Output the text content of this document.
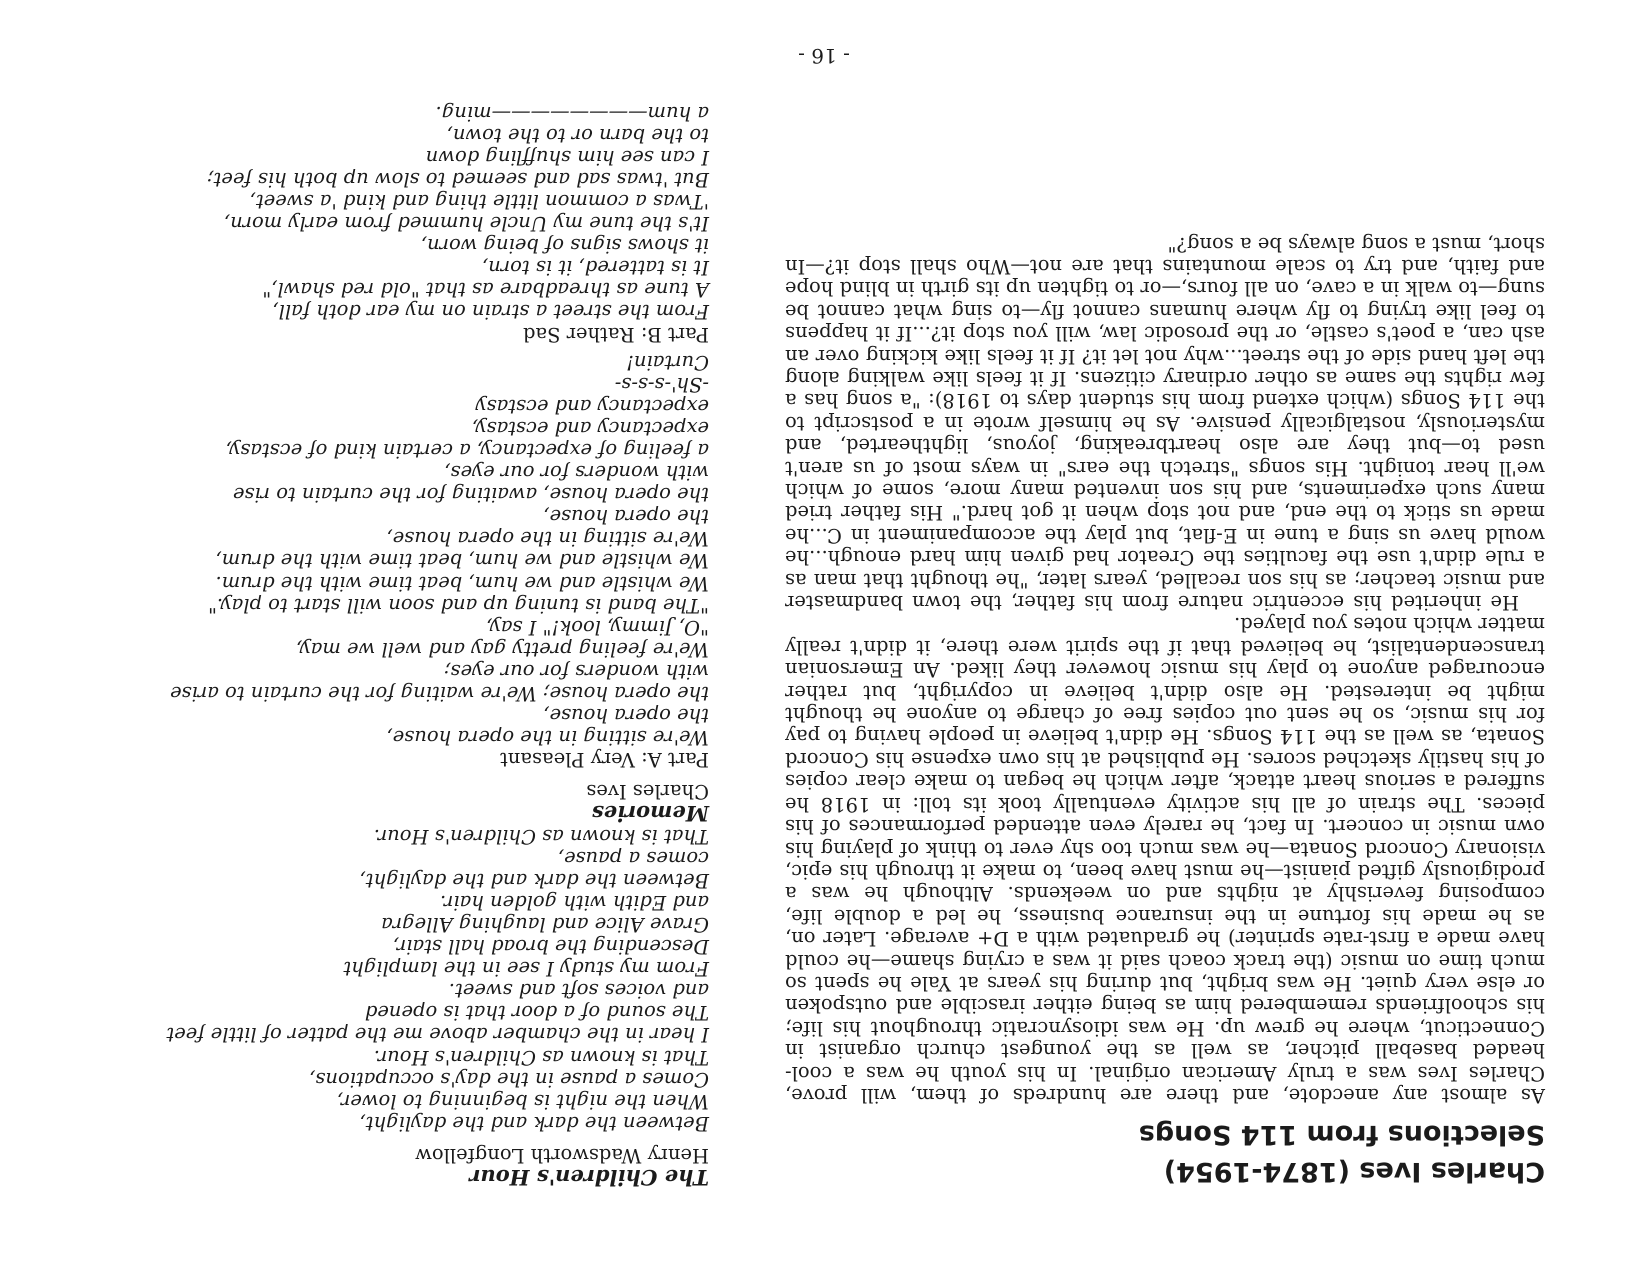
Charles Ives (1874-1954)
Selections from 114 Songs

As almost any anecdote, and there are hundreds of them, will prove, Charles Ives was a truly American original. In his youth he was a cool-headed baseball pitcher, as well as the youngest church organist in Connecticut, where he grew up. He was idiosyncratic throughout his life; his schoolfriends remembered him as being either irascible and outspoken or else very quiet. He was bright, but during his years at Yale he spent so much time on music (the track coach said it was a crying shame—he could have made a first-rate sprinter) he graduated with a D+ average. Later on, as he made his fortune in the insurance business, he led a double life, composing feverishly at nights and on weekends. Although he was a prodigiously gifted pianist—he must have been, to make it through his epic, visionary Concord Sonata—he was much too shy ever to think of playing his own music in concert. In fact, he rarely even attended performances of his pieces. The strain of all his activity eventually took its toll: in 1918 he suffered a serious heart attack, after which he began to make clear copies of his hastily sketched scores. He published at his own expense his Concord Sonata, as well as the 114 Songs. He didn't believe in people having to pay for his music, so he sent out copies free of charge to anyone he thought might be interested. He also didn't believe in copyright, but rather encouraged anyone to play his music however they liked. An Emersonian transcendentalist, he believed that if the spirit were there, it didn't really matter which notes you played.

He inherited his eccentric nature from his father, the town bandmaster and music teacher; as his son recalled, years later, "he thought that man as a rule didn't use the faculties the Creator had given him hard enough...he would have us sing a tune in E-flat, but play the accompaniment in C...he made us stick to the end, and not stop when it got hard." His father tried many such experiments, and his son invented many more, some of which we'll hear tonight. His songs "stretch the ears" in ways most of us aren't used to—but they are also heartbreaking, joyous, lighthearted, and mysteriously, nostalgically pensive. As he himself wrote in a postscript to the 114 Songs (which extend from his student days to 1918): "a song has a few rights the same as other ordinary citizens. If it feels like walking along the left hand side of the street...why not let it? If it feels like kicking over an ash can, a poet's castle, or the prosodic law, will you stop it?...If it happens to feel like trying to fly where humans cannot fly—to sing what cannot be sung—to walk in a cave, on all fours,—or to tighten up its girth in blind hope and faith, and try to scale mountains that are not—Who shall stop it?—In short, must a song always be a song?"

The Children's Hour
Henry Wadsworth Longfellow
Between the dark and the daylight,
When the night is beginning to lower,
Comes a pause in the day's occupations,
That is known as Children's Hour.
I hear in the chamber above me the patter of little feet
The sound of a door that is opened
and voices soft and sweet.
From my study I see in the lamplight
Descending the broad hall stair,
Grave Alice and laughing Allegra
and Edith with golden hair.
Between the dark and the daylight,
comes a pause,
That is known as Children's Hour.
Memories
Charles Ives
Part A: Very Pleasant
We're sitting in the opera house,
the opera house,
the opera house; We're waiting for the curtain to arise
with wonders for our eyes;
We're feeling pretty gay and well we may,
"O, Jimmy, look!" I say,
"The band is tuning up and soon will start to play."
We whistle and we hum, beat time with the drum.
We whistle and we hum, beat time with the drum,
We're sitting in the opera house,
the opera house,
the opera house, awaiting for the curtain to rise
with wonders for our eyes,
a feeling of expectancy, a certain kind of ecstasy,
expectancy and ecstasy,
expectancy and ecstasy
-Sh'-s-s-s-
Curtain!
Part B: Rather Sad
From the street a strain on my ear doth fall,
A tune as threadbare as that "old red shawl,"
It is tattered, it is torn,
it shows signs of being worn,
It's the tune my Uncle hummed from early morn,
'Twas a common little thing and kind 'a sweet,
But 'twas sad and seemed to slow up both his feet;
I can see him shuffling down
to the barn or to the town,
a hum————————ming.
- 16 -
